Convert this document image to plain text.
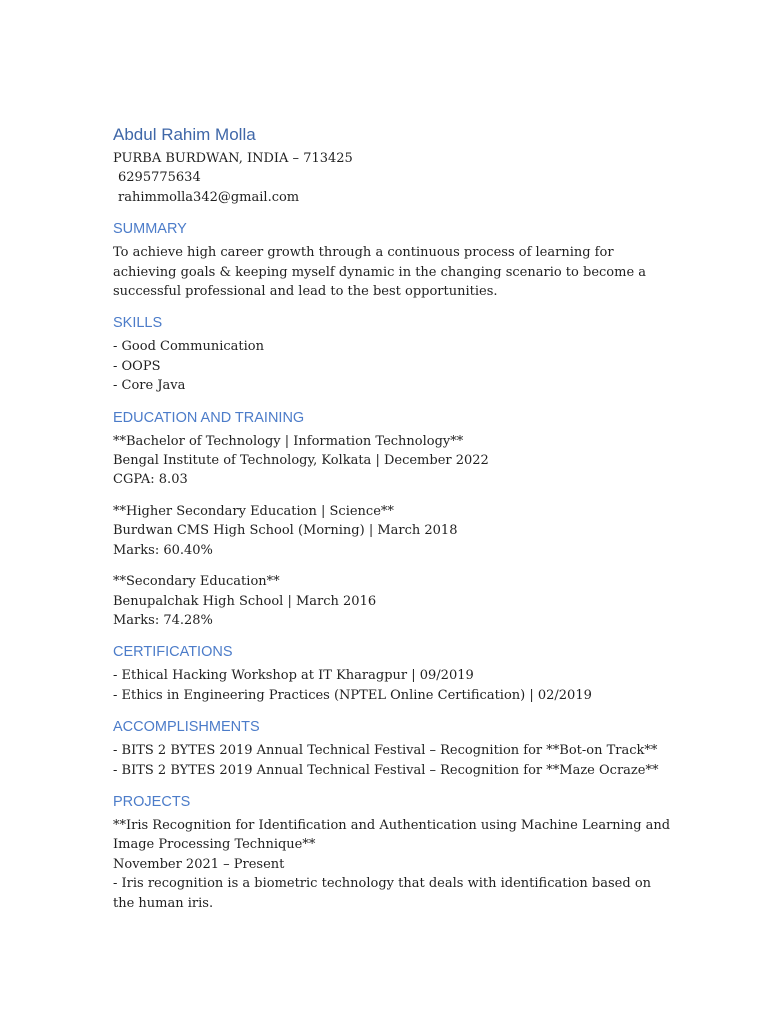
Abdul Rahim Molla

PURBA BURDWAN, INDIA – 713425

6295775634

rahimmolla342@gmail.com

SUMMARY

To achieve high career growth through a continuous process of learning for achieving goals & keeping myself dynamic in the changing scenario to become a successful professional and lead to the best opportunities.

SKILLS

- Good Communication

- OOPS

- Core Java

EDUCATION AND TRAINING

**Bachelor of Technology | Information Technology**

Bengal Institute of Technology, Kolkata | December 2022

CGPA: 8.03

**Higher Secondary Education | Science**

Burdwan CMS High School (Morning) | March 2018

Marks: 60.40%

**Secondary Education**

Benupalchak High School | March 2016

Marks: 74.28%

CERTIFICATIONS

- Ethical Hacking Workshop at IT Kharagpur | 09/2019

- Ethics in Engineering Practices (NPTEL Online Certification) | 02/2019

ACCOMPLISHMENTS

- BITS 2 BYTES 2019 Annual Technical Festival – Recognition for **Bot-on Track**

- BITS 2 BYTES 2019 Annual Technical Festival – Recognition for **Maze Ocraze**

PROJECTS

**Iris Recognition for Identification and Authentication using Machine Learning and Image Processing Technique**

November 2021 – Present

- Iris recognition is a biometric technology that deals with identification based on the human iris.
